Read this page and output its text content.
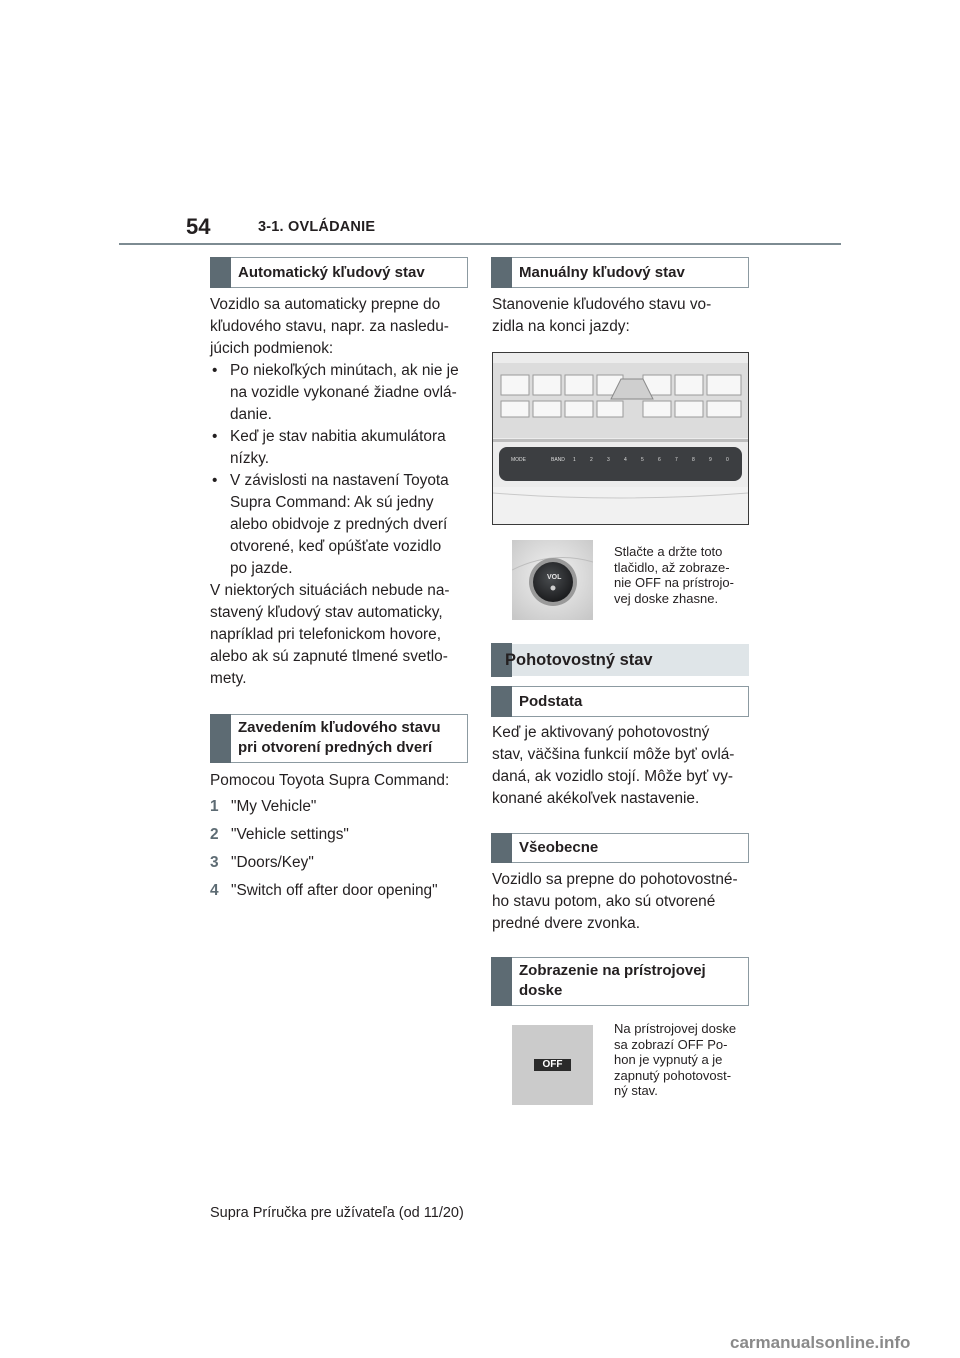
54	3-1. OVLÁDANIE
Automatický kľudový stav

Vozidlo sa automaticky prepne do

kľudového stavu, napr. za nasledu-

júcich podmienok:

• Po niekoľkých minútach, ak nie je

na vozidle vykonané žiadne ovlá-

danie.

• Keď je stav nabitia akumulátora

nízky.

• V závislosti na nastavení Toyota

Supra Command: Ak sú jedny

alebo obidvoje z predných dverí

otvorené, keď opúšťate vozidlo

po jazde.

V niektorých situáciách nebude na-

stavený kľudový stav automaticky,

napríklad pri telefonickom hovore,

alebo ak sú zapnuté tlmené svetlo-

mety.

Zavedením kľudového stavu
pri otvorení predných dverí
Pomocou Toyota Supra Command:
1 "My Vehicle"
2 "Vehicle settings"
3 "Doors/Key"
4 "Switch off after door opening"
Manuálny kľudový stav

Stanovenie kľudového stavu vo-

zidla na konci jazdy:

MODE	BAND 1	2	3	4	5	6	7	8	9	0
VOL
Stlačte a držte toto
tlačidlo, až zobraze-
nie OFF na prístrojo-
vej doske zhasne.
Pohotovostný stav
Podstata

Keď je aktivovaný pohotovostný

stav, väčšina funkcií môže byť ovlá-

daná, ak vozidlo stojí. Môže byť vy-

konané akékoľvek nastavenie.

Všeobecne

Vozidlo sa prepne do pohotovostné-

ho stavu potom, ako sú otvorené

predné dvere zvonka.

Zobrazenie na prístrojovej
doske
OFF
Na prístrojovej doske
sa zobrazí OFF Po-
hon je vypnutý a je
zapnutý pohotovost-
ný stav.
Supra Príručka pre užívateľa (od 11/20)
carmanualsonline.info
